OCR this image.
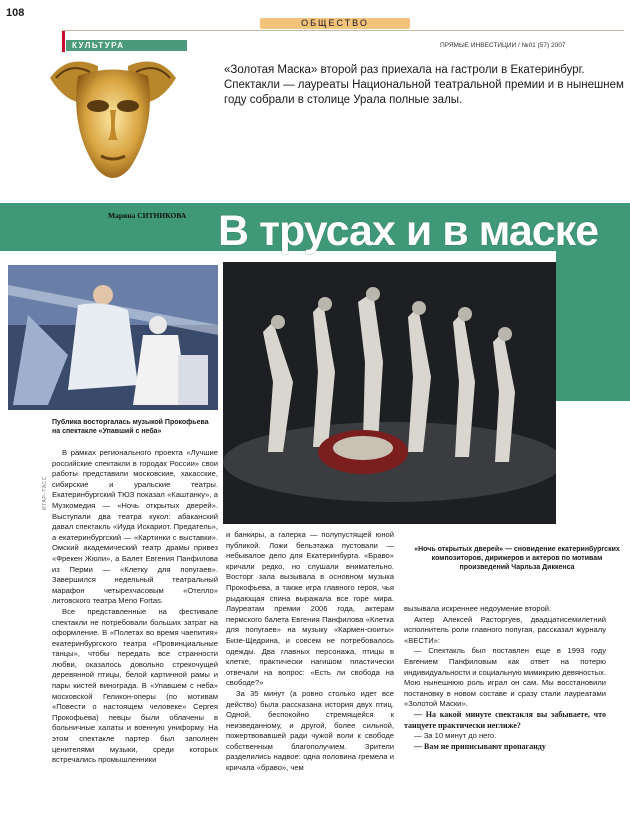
108
ОБЩЕСТВО
КУЛЬТУРА	ПРЯМЫЕ ИНВЕСТИЦИИ / №01 (57) 2007
«Золотая Маска» второй раз приехала на гастроли в Екатеринбург. Спектакли — лауреаты Национальной театральной премии и в нынешнем году собрали в столице Урала полные залы.
Марина СИТНИКОВА В трусах и в маске
Публика восторгалась музыкой Прокофьева на спектакле «Упавший с неба»
«Ночь открытых дверей» — сновидение екатеринбургских композиторов, дирижеров и актеров по мотивам произведений Чарльза Диккенса
ИТАР–ТАСС

В рамках регионального проекта «Лучшие российские спектакли в городах России» свои работы представили московские, хакасские, сибирские и уральские театры. Екатеринбургский ТЮЗ показал «Каштанку», а Музкомедия — «Ночь открытых дверей». Выступали два театра кукол: абаканский давал спектакль «Иуда Искариот. Предатель», а екатеринбургский — «Картинки с выставки». Омский академический театр драмы привез «Фрекен Жюли», а Балет Евгения Панфилова из Перми — «Клетку для попугаев». Завершился недельный театральный марафон четырехчасовым «Отелло» литовского театра Meno Fortas.

Все представленные на фестивале спектакли не потребовали больших затрат на оформление. В «Полетах во время чаепития» екатеринбургского театра «Провинциальные танцы», чтобы передать все странности любви, оказалось довольно стрекочущей деревянной птицы, белой картинной рамы и пары кистей винограда. В «Упавшем с неба» московской Геликон-оперы (по мотивам «Повести о настоящем человеке» Сергея Прокофьева) певцы были облачены в больничные халаты и военную униформу. На этом спектакле партер был заполнен ценителями музыки, среди которых встречались промышленники

и банкиры, а галерка — полупустящей юной публикой. Ложи бельэтажа пустовали — небывалое дело для Екатеринбурга. «Браво» кричали редко, но слушали внимательно. Восторг зала вызывала в основном музыка Прокофьева, а также игра главного героя, чья рыдающая спина выражала все горе мира. Лауреатам премии 2006 года, актерам пермского балета Евгения Панфилова «Клетка для попугаев» на музыку «Кармен-сюиты» Бизе-Щедрина, и совсем не потребовалось одежды. Два главных персонажа, птицы в клетке, практически нагишом пластически отвечали на вопрос: «Есть ли свобода на свободе?»

За 35 минут (а ровно столько идет все действо) была рассказана история двух птиц. Одной, беспокойно стремящейся к неизведанному, и другой, более сильной, пожертвовавшей ради чужой воли к свободе собственным благополучием. Зрители разделились надвое: одна половина гремела и кричала «браво», чем

вызывала искреннее недоумение второй.

Актер Алексей Расторгуев, двадцатисемилетний исполнитель роли главного попугая, рассказал журналу «ВЕСТИ»:

— Спектакль был поставлен еще в 1993 году Евгением Панфиловым как ответ на потерю индивидуальности и социальную мимикрию девяностых. Мою нынешнюю роль играл он сам. Мы восстановили постановку в новом составе и сразу стали лауреатами «Золотой Маски».

— На какой минуте спектакля вы забываете, что танцуете практически неглиже?

— За 10 минут до него.

— Вам не приписывают пропаганду
